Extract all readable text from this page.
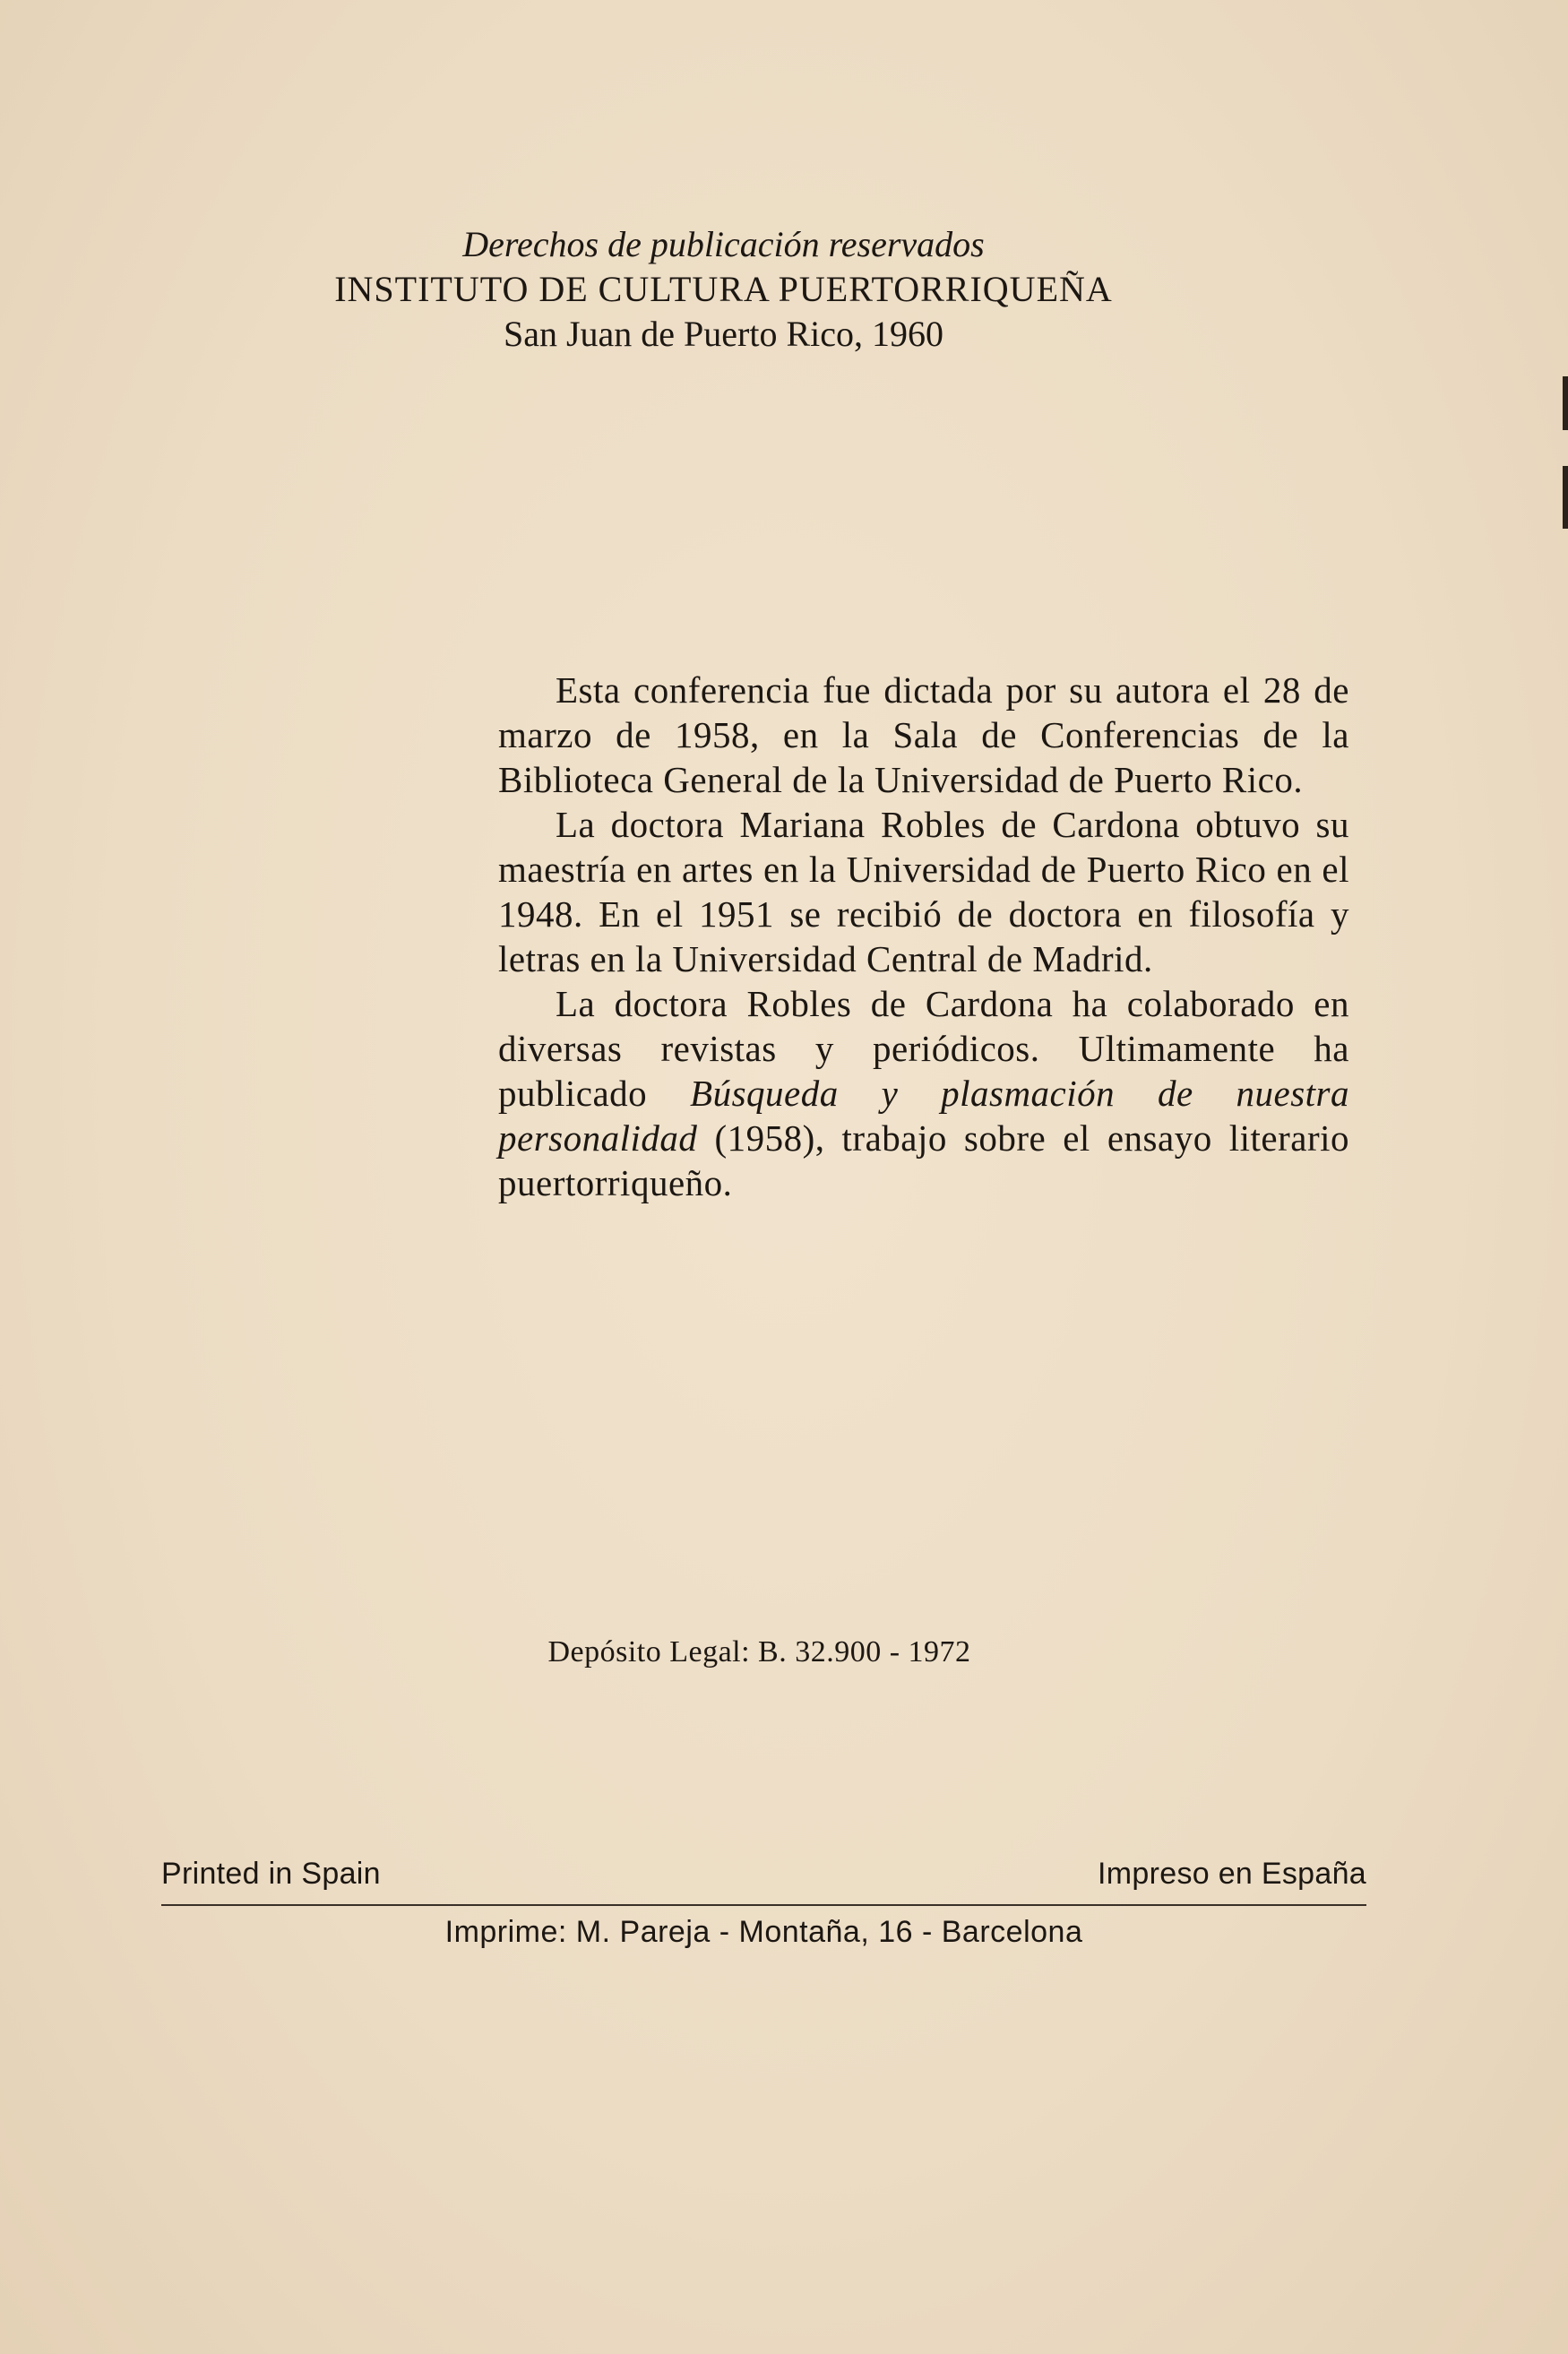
Derechos de publicación reservados
INSTITUTO DE CULTURA PUERTORRIQUEÑA
San Juan de Puerto Rico, 1960

Esta conferencia fue dictada por su autora el 28 de marzo de 1958, en la Sala de Conferencias de la Biblioteca General de la Universidad de Puerto Rico.

La doctora Mariana Robles de Cardona obtuvo su maestría en artes en la Universidad de Puerto Rico en el 1948. En el 1951 se recibió de doctora en filosofía y letras en la Universidad Central de Madrid.

La doctora Robles de Cardona ha colaborado en diversas revistas y periódicos. Ultimamente ha publicado Búsqueda y plasmación de nuestra personalidad (1958), trabajo sobre el ensayo literario puertorriqueño.

Depósito Legal: B. 32.900 - 1972
Printed in Spain	Impreso en España
Imprime: M. Pareja - Montaña, 16 - Barcelona
